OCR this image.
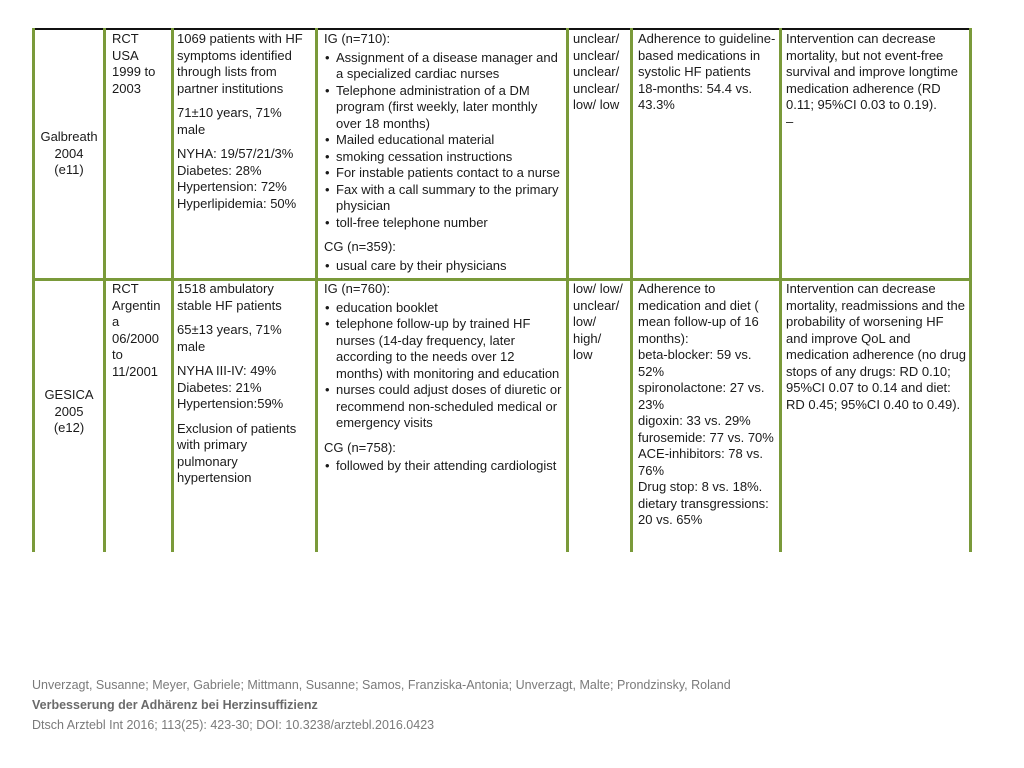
Galbreath
2004
(e11)
RCT
USA
1999 to
2003

1069 patients with HF symptoms identified through lists from partner institutions

71±10 years, 71% male

NYHA: 19/57/21/3%
Diabetes: 28%
Hypertension: 72%
Hyperlipidemia: 50%
IG (n=710):
• Assignment of a disease manager and a specialized cardiac nurses
• Telephone administration of a DM program (first weekly, later monthly over 18 months)
• Mailed educational material
• smoking cessation instructions
• For instable patients contact to a nurse
• Fax with a call summary to the primary physician
• toll-free telephone number
CG (n=359):
• usual care by their physicians
unclear/
unclear/
unclear/
unclear/
low/ low
Adherence to guideline-based medications in systolic HF patients
18-months: 54.4 vs. 43.3%
Intervention can decrease mortality, but not event-free survival and improve longtime medication adherence (RD 0.11; 95%CI 0.03 to 0.19).
–
GESICA
2005
(e12)
RCT
Argentin
a
06/2000
to
11/2001

1518 ambulatory stable HF patients

65±13 years, 71% male

NYHA III-IV: 49%
Diabetes: 21%

Hypertension:59%

Exclusion of patients with primary pulmonary hypertension
IG (n=760):
• education booklet
• telephone follow-up by trained HF nurses (14-day frequency, later according to the needs over 12 months) with monitoring and education
• nurses could adjust doses of diuretic or recommend non-scheduled medical or emergency visits
CG (n=758):
• followed by their attending cardiologist
low/ low/
unclear/
low/
high/
low
Adherence to medication and diet ( mean follow-up of 16 months):
beta-blocker: 59 vs. 52%
spironolactone: 27 vs. 23%
digoxin: 33 vs. 29%
furosemide: 77 vs. 70%
ACE-inhibitors: 78 vs. 76%
Drug stop: 8 vs. 18%.
dietary transgressions: 20 vs. 65%
Intervention can decrease mortality, readmissions and the probability of worsening HF and improve QoL and medication adherence (no drug stops of any drugs: RD 0.10; 95%CI 0.07 to 0.14 and diet: RD 0.45; 95%CI 0.40 to 0.49).
Unverzagt, Susanne; Meyer, Gabriele; Mittmann, Susanne; Samos, Franziska-Antonia; Unverzagt, Malte; Prondzinsky, Roland
Verbesserung der Adhärenz bei Herzinsuffizienz
Dtsch Arztebl Int 2016; 113(25): 423-30; DOI: 10.3238/arztebl.2016.0423
